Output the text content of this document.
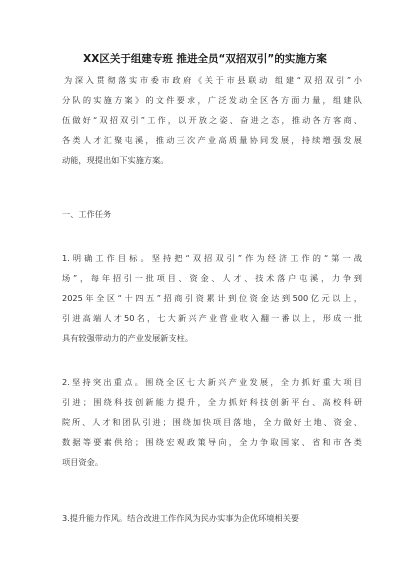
XX区关于组建专班 推进全员“双招双引”的实施方案
为深入贯彻落实市委市政府《关于市县联动 组建“双招双引”小
分队的实施方案》的文件要求，广泛发动全区各方面力量，组建队
伍做好“双招双引”工作，以开放之姿、奋进之态，推动各方客商、
各类人才汇聚屯溪，推动三次产业高质量协同发展，持续增强发展
动能，现提出如下实施方案。
一、工作任务
1.明确工作目标。坚持把“双招双引”作为经济工作的“第一战
场”，每年招引一批项目、资金、人才、技术落户屯溪，力争到
2025年全区“十四五”招商引资累计到位资金达到500亿元以上，
引进高端人才50名，七大新兴产业营业收入翻一番以上，形成一批
具有较强带动力的产业发展新支柱。
2.坚持突出重点。围绕全区七大新兴产业发展，全力抓好重大项目
引进；围绕科技创新能力提升，全力抓好科技创新平台、高校科研
院所、人才和团队引进；围绕加快项目落地，全力做好土地、资金、
数据等要素供给；围绕宏观政策导向，全力争取国家、省和市各类
项目资金。
3.提升能力作风。结合改进工作作风为民办实事为企优环境相关要
